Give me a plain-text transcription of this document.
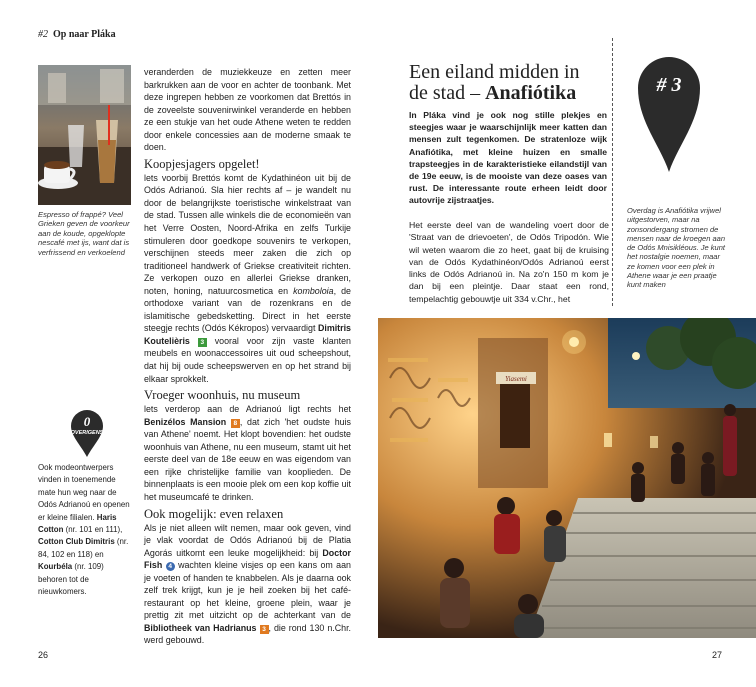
#2 Op naar Pláka
Espresso of frappé? Veel Grieken geven de voorkeur aan de koude, opgeklopte nescafé met ijs, want dat is verfrissend en verkoelend
0
OVERIGENS
Ook modeontwerpers vinden in toenemende mate hun weg naar de Odós Adrianoú en openen er kleine filialen. Haris Cotton (nr. 101 en 111), Cotton Club Dimitris (nr. 84, 102 en 118) en Kourbéla (nr. 109) behoren tot de nieuwkomers.

veranderden de muziekkeuze en zetten meer barkrukken aan de voor en achter de toonbank. Met deze ingrepen hebben ze voorkomen dat Brettós in de zoveelste souvenirwinkel veranderde en hebben ze een stukje van het oude Athene weten te redden door enkele concessies aan de moderne smaak te doen.

Koopjesjagers opgelet!

lets voorbij Brettós komt de Kydathinéon uit bij de Odós Adrianoú. Sla hier rechts af – je wandelt nu door de belangrijkste toeristische winkelstraat van de stad. Tussen alle winkels die de economieën van het Verre Oosten, Noord-Afrika en zelfs Turkije stimuleren door goedkope souvenirs te verkopen, verschijnen steeds meer zaken die zich op traditioneel handwerk of Griekse creativiteit richten. Ze verkopen ouzo en allerlei Griekse dranken, noten, honing, natuurcosmetica en komboloia, de orthodoxe variant van de rozenkrans en de islamitische gebedsketting. Direct in het eerste steegje rechts (Odós Kékropos) vervaardigt Dimitris Koutelièris 3 vooral voor zijn vaste klanten meubels en woonaccessoires uit oud scheepshout, dat hij bij oude scheepswerven en op het strand bij elkaar sprokkelt.

Vroeger woonhuis, nu museum

lets verderop aan de Adrianoú ligt rechts het Benizélos Mansion 8 , dat zich 'het oudste huis van Athene' noemt. Het klopt bovendien: het oudste woonhuis van Athene, nu een museum, stamt uit het eerste deel van de 18e eeuw en was eigendom van een rijke christelijke familie van kooplieden. De binnenplaats is een mooie plek om een kop koffie uit het museumcafé te drinken.

Ook mogelijk: even relaxen

Als je niet alleen wilt nemen, maar ook geven, vind je vlak voordat de Odós Adrianoú bij de Platia Agorás uitkomt een leuke mogelijkheid: bij Doctor Fish 4 wachten kleine visjes op een kans om aan je voeten of handen te knabbelen. Als je daarna ook zelf trek krijgt, kun je je heil zoeken bij het café-restaurant op het kleine, groene plein, waar je prettig zit met uitzicht op de achterkant van de Bibliotheek van Hadrianus 3 , die rond 130 n.Chr. werd gebouwd.

26
Een eiland midden in
de stad – Anafiótika
In Pláka vind je ook nog stille plekjes en steegjes waar je waarschijnlijk meer katten dan mensen zult tegenkomen. De stratenloze wijk Anafiótika, met kleine huizen en smalle trapsteegjes in de karakteristieke eilandstijl van de 19e eeuw, is de mooiste van deze oases van rust. De interessante route erheen leidt door autovrije zijstraatjes.

Het eerste deel van de wandeling voert door de 'Straat van de drievoeten', de Odós Tripodón. Wie wil weten waarom die zo heet, gaat bij de kruising van de Odós Kydathinéon/Odós Adrianoú eerst links de Odós Adrianoú in. Na zo'n 150 m kom je dan bij een pleintje. Daar staat een rond, tempelachtig gebouwtje uit 334 v.Chr., het

# 3
Overdag is Anafiótika vrijwel uitgestorven, maar na zonsondergang stromen de mensen naar de kroegen aan de Odós Mnisikléous. Je kunt het nostalgie noemen, maar ze komen voor een plek in Athene waar je een praatje kunt maken
Yiasemi
27
